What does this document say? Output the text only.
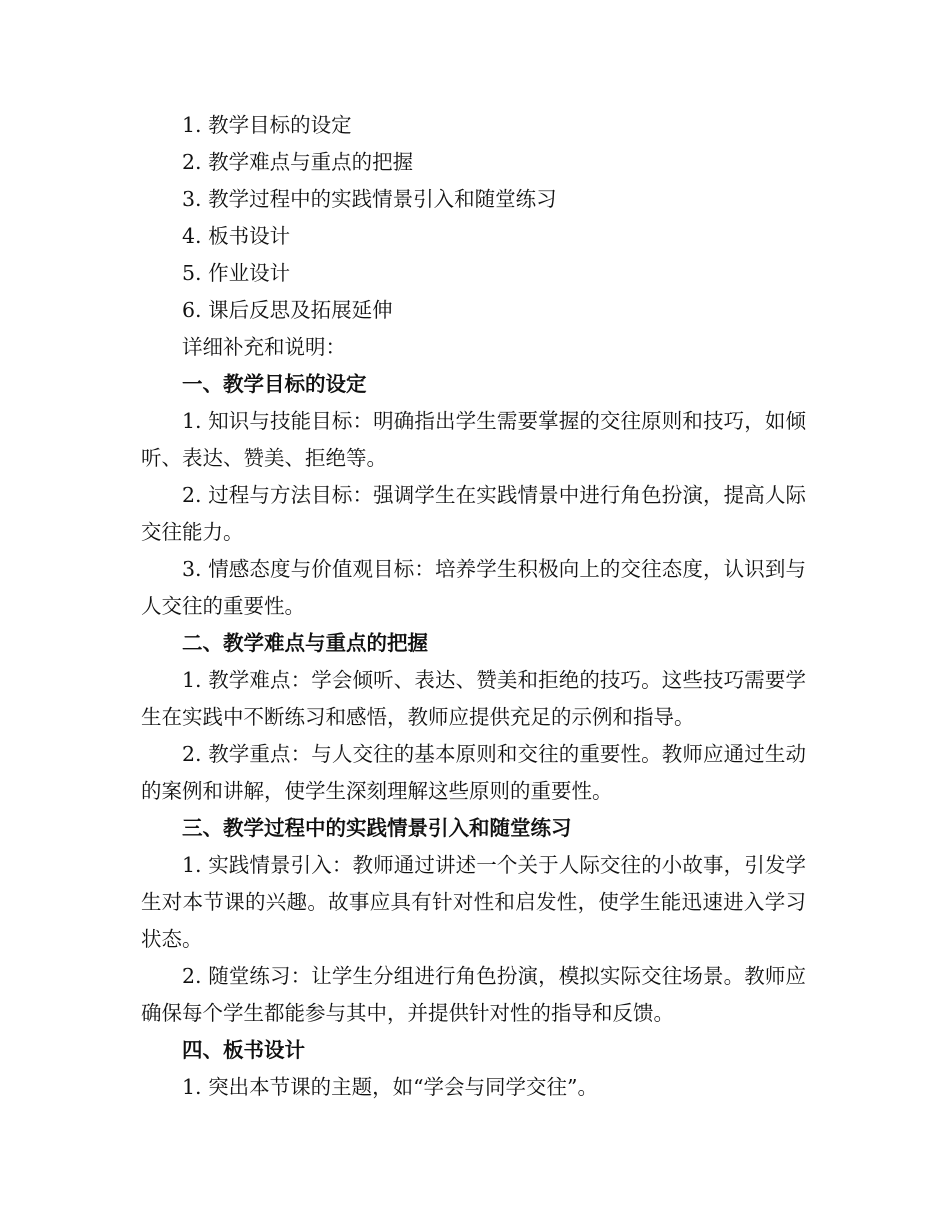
1. 教学目标的设定

2. 教学难点与重点的把握

3. 教学过程中的实践情景引入和随堂练习

4. 板书设计

5. 作业设计

6. 课后反思及拓展延伸

详细补充和说明：

一、教学目标的设定

1. 知识与技能目标：明确指出学生需要掌握的交往原则和技巧，如倾听、表达、赞美、拒绝等。

2. 过程与方法目标：强调学生在实践情景中进行角色扮演，提高人际交往能力。

3. 情感态度与价值观目标：培养学生积极向上的交往态度，认识到与人交往的重要性。

二、教学难点与重点的把握

1. 教学难点：学会倾听、表达、赞美和拒绝的技巧。这些技巧需要学生在实践中不断练习和感悟，教师应提供充足的示例和指导。

2. 教学重点：与人交往的基本原则和交往的重要性。教师应通过生动的案例和讲解，使学生深刻理解这些原则的重要性。

三、教学过程中的实践情景引入和随堂练习

1. 实践情景引入：教师通过讲述一个关于人际交往的小故事，引发学生对本节课的兴趣。故事应具有针对性和启发性，使学生能迅速进入学习状态。

2. 随堂练习：让学生分组进行角色扮演，模拟实际交往场景。教师应确保每个学生都能参与其中，并提供针对性的指导和反馈。

四、板书设计

1. 突出本节课的主题，如“学会与同学交往”。
